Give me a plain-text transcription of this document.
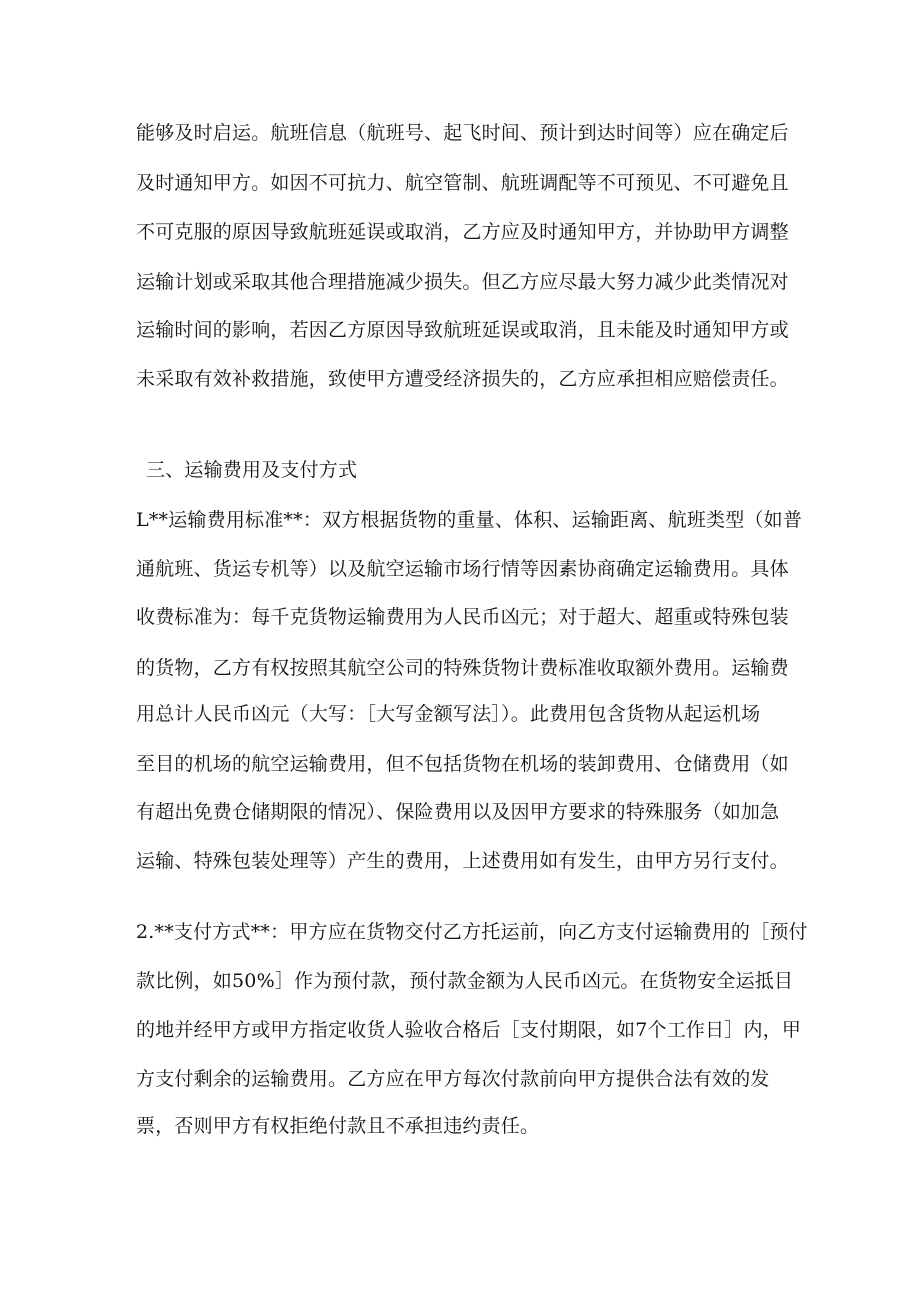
能够及时启运。航班信息（航班号、起飞时间、预计到达时间等）应在确定后
及时通知甲方。如因不可抗力、航空管制、航班调配等不可预见、不可避免且
不可克服的原因导致航班延误或取消，乙方应及时通知甲方，并协助甲方调整
运输计划或采取其他合理措施减少损失。但乙方应尽最大努力减少此类情况对
运输时间的影响，若因乙方原因导致航班延误或取消，且未能及时通知甲方或
未采取有效补救措施，致使甲方遭受经济损失的，乙方应承担相应赔偿责任。
三、运输费用及支付方式
L**运输费用标准**：双方根据货物的重量、体积、运输距离、航班类型（如普
通航班、货运专机等）以及航空运输市场行情等因素协商确定运输费用。具体
收费标准为：每千克货物运输费用为人民币凶元；对于超大、超重或特殊包装
的货物，乙方有权按照其航空公司的特殊货物计费标准收取额外费用。运输费
用总计人民币凶元（大写：［大写金额写法］）。此费用包含货物从起运机场
至目的机场的航空运输费用，但不包括货物在机场的装卸费用、仓储费用（如
有超出免费仓储期限的情况）、保险费用以及因甲方要求的特殊服务（如加急
运输、特殊包装处理等）产生的费用，上述费用如有发生，由甲方另行支付。
2.**支付方式**：甲方应在货物交付乙方托运前，向乙方支付运输费用的［预付
款比例，如50%］作为预付款，预付款金额为人民币凶元。在货物安全运抵目
的地并经甲方或甲方指定收货人验收合格后［支付期限，如7个工作日］内，甲
方支付剩余的运输费用。乙方应在甲方每次付款前向甲方提供合法有效的发
票，否则甲方有权拒绝付款且不承担违约责任。
